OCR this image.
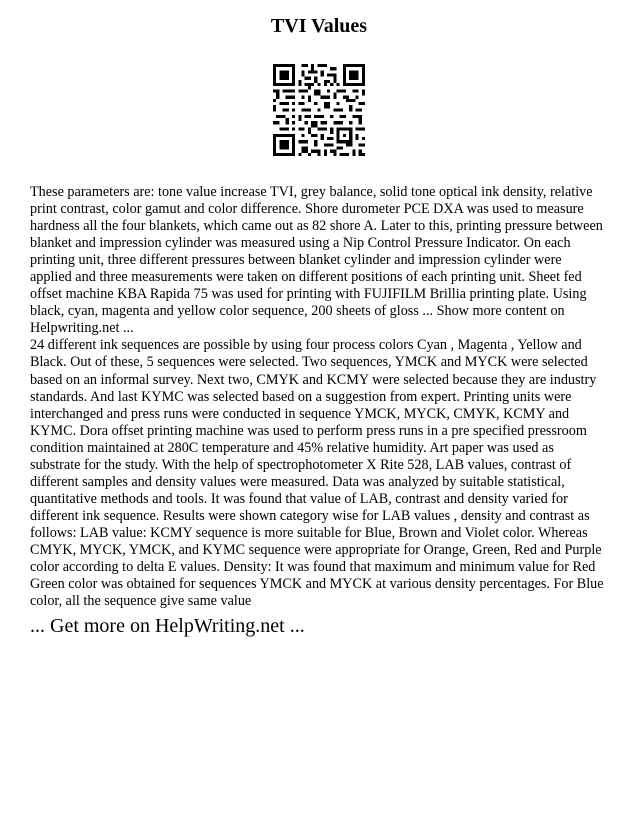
TVI Values

These parameters are: tone value increase TVI, grey balance, solid tone optical ink density, relative print contrast, color gamut and color difference. Shore durometer PCE DXA was used to measure hardness all the four blankets, which came out as 82 shore A. Later to this, printing pressure between blanket and impression cylinder was measured using a Nip Control Pressure Indicator. On each printing unit, three different pressures between blanket cylinder and impression cylinder were applied and three measurements were taken on different positions of each printing unit. Sheet fed offset machine KBA Rapida 75 was used for printing with FUJIFILM Brillia printing plate. Using black, cyan, magenta and yellow color sequence, 200 sheets of gloss ... Show more content on Helpwriting.net ...

24 different ink sequences are possible by using four process colors Cyan , Magenta , Yellow and Black. Out of these, 5 sequences were selected. Two sequences, YMCK and MYCK were selected based on an informal survey. Next two, CMYK and KCMY were selected because they are industry standards. And last KYMC was selected based on a suggestion from expert. Printing units were interchanged and press runs were conducted in sequence YMCK, MYCK, CMYK, KCMY and KYMC. Dora offset printing machine was used to perform press runs in a pre specified pressroom condition maintained at 280C temperature and 45% relative humidity. Art paper was used as substrate for the study. With the help of spectrophotometer X Rite 528, LAB values, contrast of different samples and density values were measured. Data was analyzed by suitable statistical, quantitative methods and tools. It was found that value of LAB, contrast and density varied for different ink sequence. Results were shown category wise for LAB values , density and contrast as follows: LAB value: KCMY sequence is more suitable for Blue, Brown and Violet color. Whereas CMYK, MYCK, YMCK, and KYMC sequence were appropriate for Orange, Green, Red and Purple color according to delta E values. Density: It was found that maximum and minimum value for Red Green color was obtained for sequences YMCK and MYCK at various density percentages. For Blue color, all the sequence give same value

... Get more on HelpWriting.net ...
